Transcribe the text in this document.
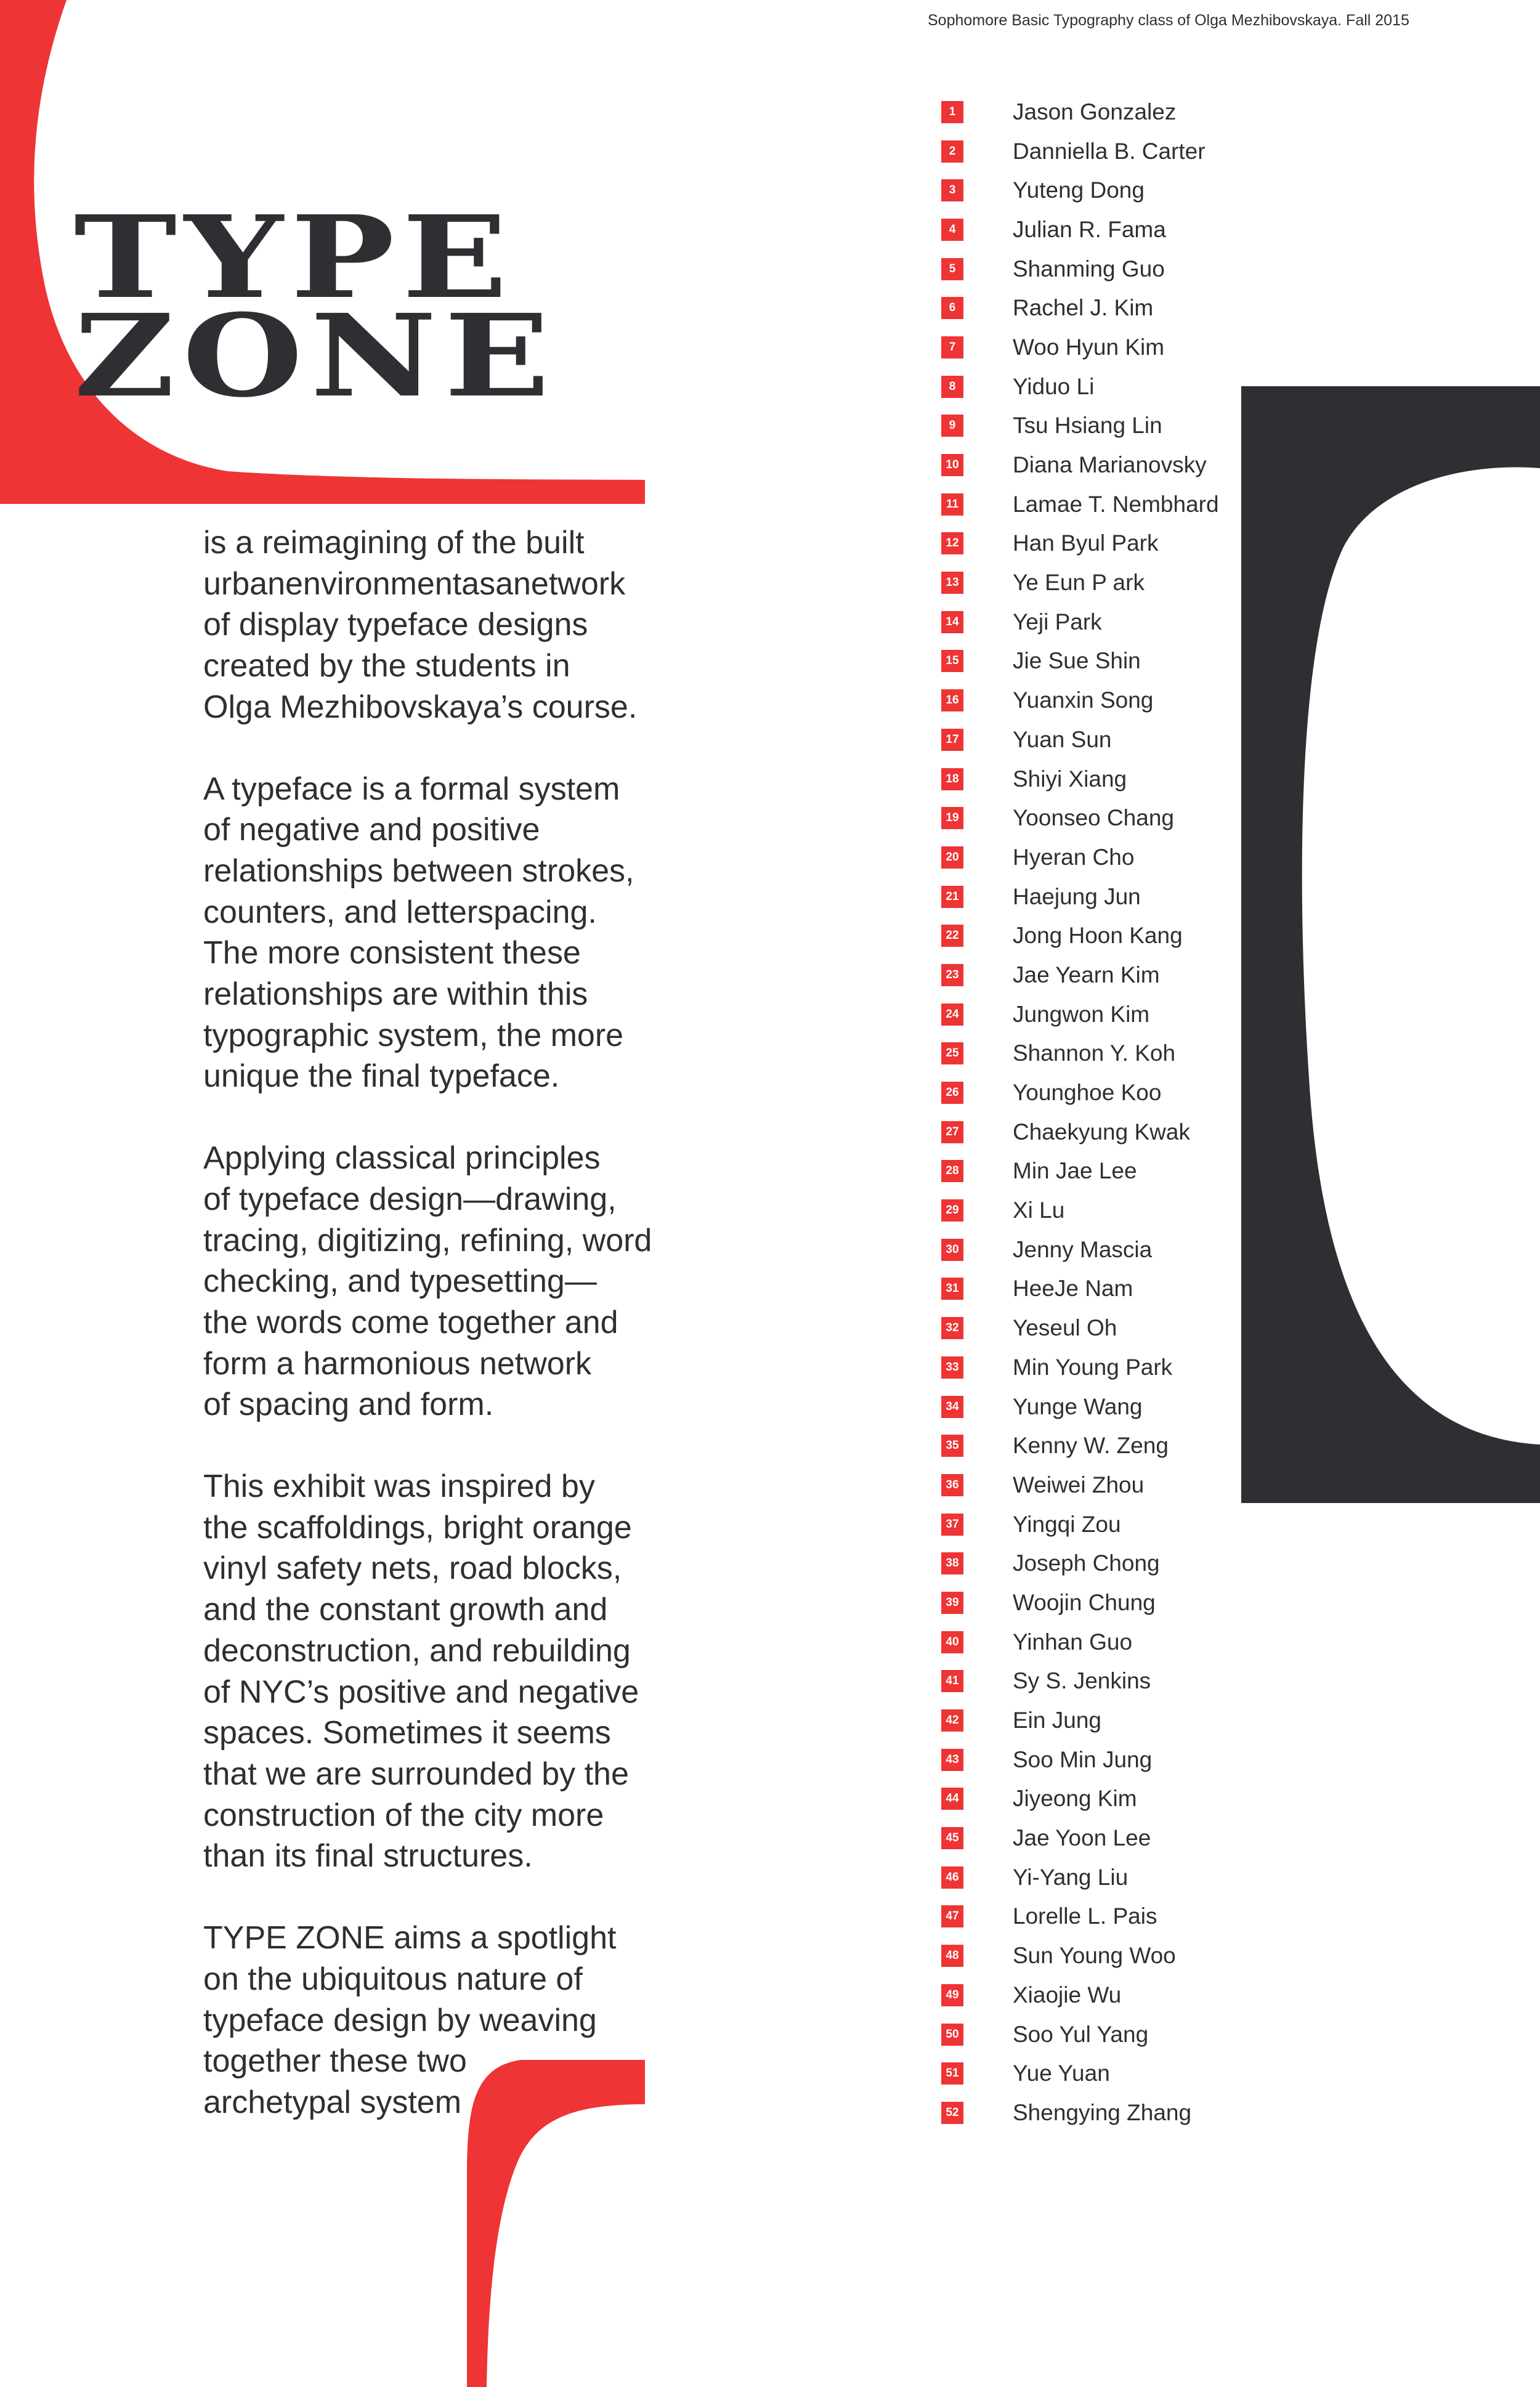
TYPE
ZONE
Sophomore Basic Typography class of Olga Mezhibovskaya. Fall 2015

is a reimagining of the built
urbanenvironmentasanetwork
of display typeface designs
created by the students in
Olga Mezhibovskaya’s course.

A typeface is a formal system
of negative and positive
relationships between strokes,
counters, and letterspacing.
The more consistent these
relationships are within this
typographic system, the more
unique the final typeface.

Applying classical principles
of typeface design—drawing,
tracing, digitizing, refining, word
checking, and typesetting—
the words come together and
form a harmonious network
of spacing and form.

This exhibit was inspired by
the scaffoldings, bright orange
vinyl safety nets, road blocks,
and the constant growth and
deconstruction, and rebuilding
of NYC’s positive and negative
spaces. Sometimes it seems
that we are surrounded by the
construction of the city more
than its final structures.

TYPE ZONE aims a spotlight
on the ubiquitous nature of
typeface design by weaving
together these two
archetypal system

1	Jason Gonzalez
2	Danniella B. Carter
3	Yuteng Dong
4	Julian R. Fama
5	Shanming Guo
6	Rachel J. Kim
7	Woo Hyun Kim
8	Yiduo Li
9	Tsu Hsiang Lin
10 Diana Marianovsky
11 Lamae T. Nembhard
12 Han Byul Park
13 Ye Eun P ark
14 Yeji Park
15 Jie Sue Shin
16 Yuanxin Song
17 Yuan Sun
18 Shiyi Xiang
19 Yoonseo Chang
20 Hyeran Cho
21 Haejung Jun
22 Jong Hoon Kang
23 Jae Yearn Kim
24 Jungwon Kim
25 Shannon Y. Koh
26 Younghoe Koo
27 Chaekyung Kwak
28 Min Jae Lee
29 Xi Lu
30 Jenny Mascia
31 HeeJe Nam
32 Yeseul Oh
33 Min Young Park
34 Yunge Wang
35 Kenny W. Zeng
36 Weiwei Zhou
37 Yingqi Zou
38 Joseph Chong
39 Woojin Chung
40 Yinhan Guo
41 Sy S. Jenkins
42 Ein Jung
43 Soo Min Jung
44 Jiyeong Kim
45 Jae Yoon Lee
46 Yi-Yang Liu
47 Lorelle L. Pais
48 Sun Young Woo
49 Xiaojie Wu
50 Soo Yul Yang
51 Yue Yuan
52 Shengying Zhang
